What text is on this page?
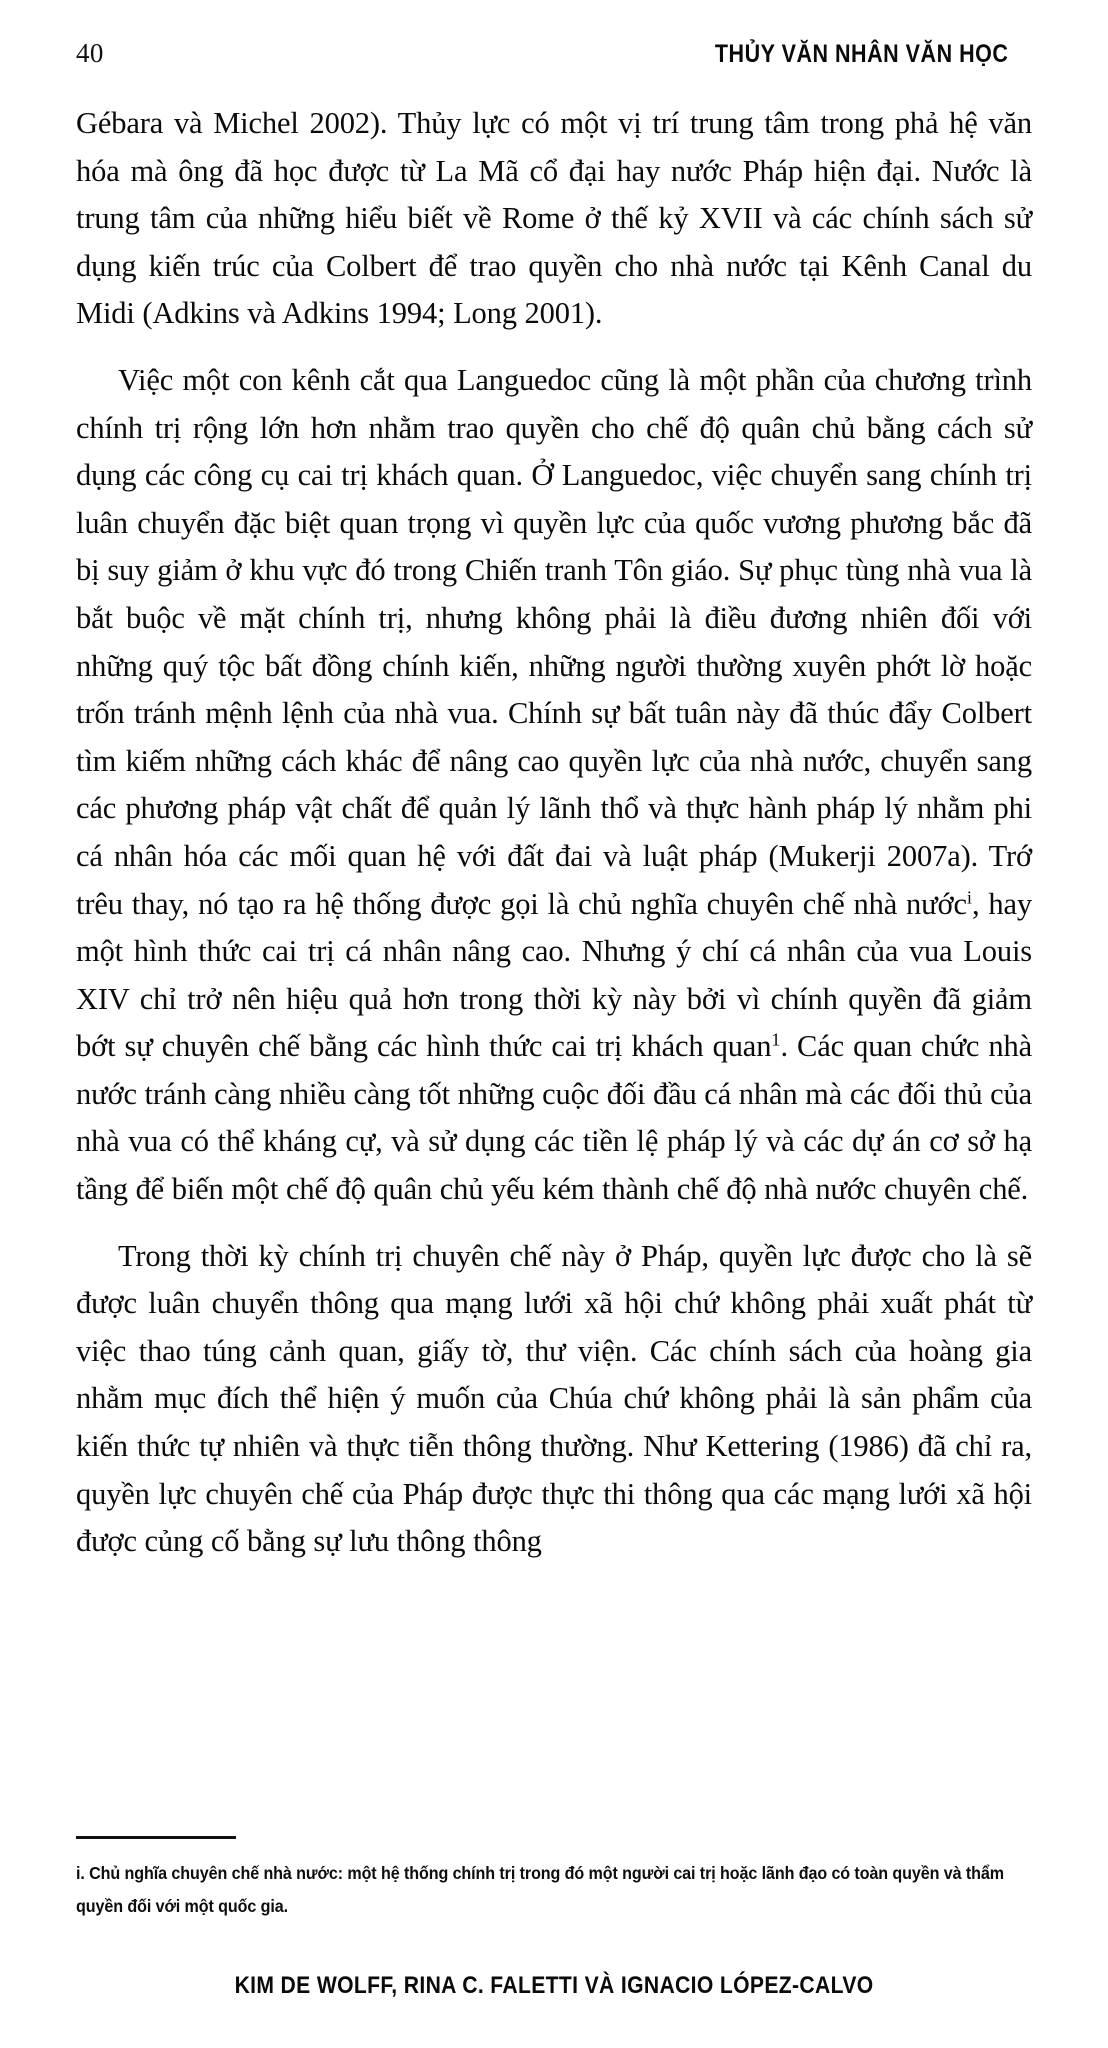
40	THỦY VĂN NHÂN VĂN HỌC

Gébara và Michel 2002). Thủy lực có một vị trí trung tâm trong phả hệ văn hóa mà ông đã học được từ La Mã cổ đại hay nước Pháp hiện đại. Nước là trung tâm của những hiểu biết về Rome ở thế kỷ XVII và các chính sách sử dụng kiến trúc của Colbert để trao quyền cho nhà nước tại Kênh Canal du Midi (Adkins và Adkins 1994; Long 2001).

Việc một con kênh cắt qua Languedoc cũng là một phần của chương trình chính trị rộng lớn hơn nhằm trao quyền cho chế độ quân chủ bằng cách sử dụng các công cụ cai trị khách quan. Ở Languedoc, việc chuyển sang chính trị luân chuyển đặc biệt quan trọng vì quyền lực của quốc vương phương bắc đã bị suy giảm ở khu vực đó trong Chiến tranh Tôn giáo. Sự phục tùng nhà vua là bắt buộc về mặt chính trị, nhưng không phải là điều đương nhiên đối với những quý tộc bất đồng chính kiến, những người thường xuyên phớt lờ hoặc trốn tránh mệnh lệnh của nhà vua. Chính sự bất tuân này đã thúc đẩy Colbert tìm kiếm những cách khác để nâng cao quyền lực của nhà nước, chuyển sang các phương pháp vật chất để quản lý lãnh thổ và thực hành pháp lý nhằm phi cá nhân hóa các mối quan hệ với đất đai và luật pháp (Mukerji 2007a). Trớ trêu thay, nó tạo ra hệ thống được gọi là chủ nghĩa chuyên chế nhà nước$^i$, hay một hình thức cai trị cá nhân nâng cao. Nhưng ý chí cá nhân của vua Louis XIV chỉ trở nên hiệu quả hơn trong thời kỳ này bởi vì chính quyền đã giảm bớt sự chuyên chế bằng các hình thức cai trị khách quan$^1$. Các quan chức nhà nước tránh càng nhiều càng tốt những cuộc đối đầu cá nhân mà các đối thủ của nhà vua có thể kháng cự, và sử dụng các tiền lệ pháp lý và các dự án cơ sở hạ tầng để biến một chế độ quân chủ yếu kém thành chế độ nhà nước chuyên chế.

Trong thời kỳ chính trị chuyên chế này ở Pháp, quyền lực được cho là sẽ được luân chuyển thông qua mạng lưới xã hội chứ không phải xuất phát từ việc thao túng cảnh quan, giấy tờ, thư viện. Các chính sách của hoàng gia nhằm mục đích thể hiện ý muốn của Chúa chứ không phải là sản phẩm của kiến thức tự nhiên và thực tiễn thông thường. Như Kettering (1986) đã chỉ ra, quyền lực chuyên chế của Pháp được thực thi thông qua các mạng lưới xã hội được củng cố bằng sự lưu thông thông

i. Chủ nghĩa chuyên chế nhà nước: một hệ thống chính trị trong đó một người cai trị hoặc lãnh đạo có toàn quyền và thẩm quyền đối với một quốc gia.

KIM DE WOLFF, RINA C. FALETTI VÀ IGNACIO LÓPEZ-CALVO
